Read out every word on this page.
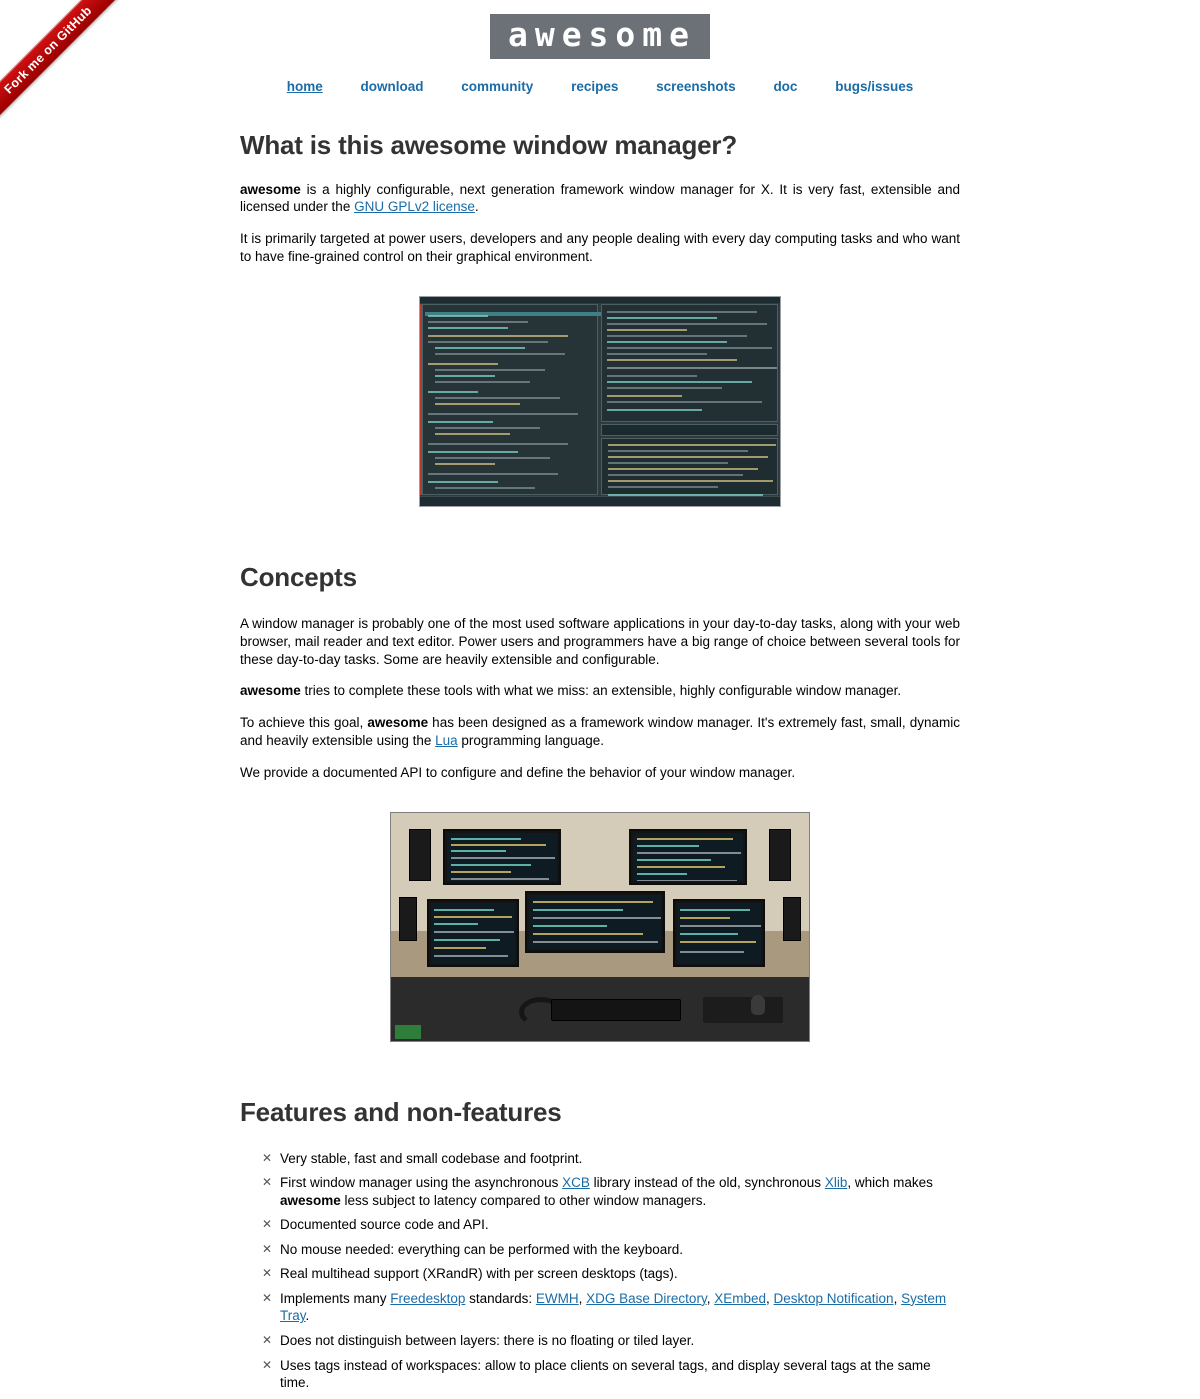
Fork me on GitHub	awesome
home	download	community	recipes	screenshots	doc	bugs/issues
What is this awesome window manager?

awesome is a highly configurable, next generation framework window manager for X. It is very fast, extensible and licensed under the GNU GPLv2 license.

It is primarily targeted at power users, developers and any people dealing with every day computing tasks and who want to have fine-grained control on their graphical environment.

Concepts

A window manager is probably one of the most used software applications in your day-to-day tasks, along with your web browser, mail reader and text editor. Power users and programmers have a big range of choice between several tools for these day-to-day tasks. Some are heavily extensible and configurable.

awesome tries to complete these tools with what we miss: an extensible, highly configurable window manager.

To achieve this goal, awesome has been designed as a framework window manager. It's extremely fast, small, dynamic and heavily extensible using the Lua programming language.

We provide a documented API to configure and define the behavior of your window manager.

Features and non-features
✕ Very stable, fast and small codebase and footprint.
✕ First window manager using the asynchronous XCB library instead of the old, synchronous Xlib, which makes awesome less subject to latency compared to other window managers.
✕ Documented source code and API.
✕ No mouse needed: everything can be performed with the keyboard.
✕ Real multihead support (XRandR) with per screen desktops (tags).
✕ Implements many Freedesktop standards: EWMH, XDG Base Directory, XEmbed, Desktop Notification, System Tray.
✕ Does not distinguish between layers: there is no floating or tiled layer.
✕ Uses tags instead of workspaces: allow to place clients on several tags, and display several tags at the same time.
